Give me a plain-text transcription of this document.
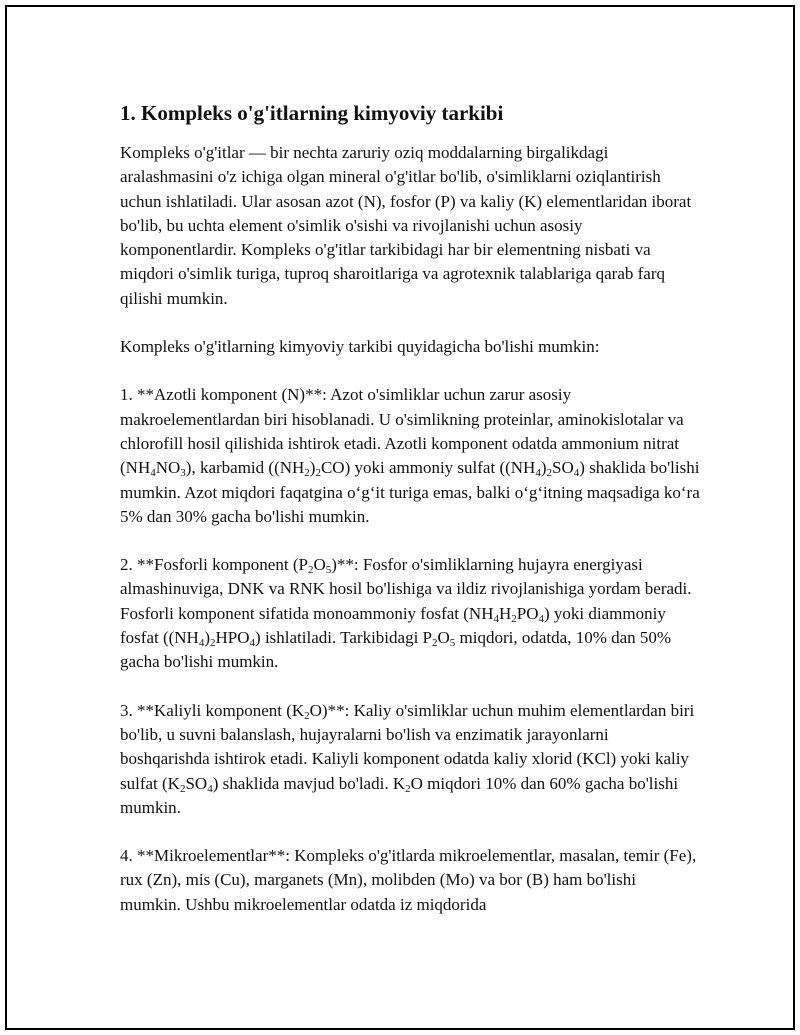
1. Kompleks o'g'itlarning kimyoviy tarkibi

Kompleks o'g'itlar — bir nechta zaruriy oziq moddalarning birgalikdagi aralashmasini o'z ichiga olgan mineral o'g'itlar bo'lib, o'simliklarni oziqlantirish uchun ishlatiladi. Ular asosan azot (N), fosfor (P) va kaliy (K) elementlaridan iborat bo'lib, bu uchta element o'simlik o'sishi va rivojlanishi uchun asosiy komponentlardir. Kompleks o'g'itlar tarkibidagi har bir elementning nisbati va miqdori o'simlik turiga, tuproq sharoitlariga va agrotexnik talablariga qarab farq qilishi mumkin.

Kompleks o'g'itlarning kimyoviy tarkibi quyidagicha bo'lishi mumkin:

1. **Azotli komponent (N)**: Azot o'simliklar uchun zarur asosiy makroelementlardan biri hisoblanadi. U o'simlikning proteinlar, aminokislotalar va chlorofill hosil qilishida ishtirok etadi. Azotli komponent odatda ammonium nitrat $(NH_4NO_3)$, karbamid $((NH_2)_2CO)$ yoki ammoniy sulfat $((NH_4)_2SO_4)$ shaklida bo'lishi mumkin. Azot miqdori faqatgina o‘g‘it turiga emas, balki o‘g‘itning maqsadiga ko‘ra 5% dan 30% gacha bo'lishi mumkin.

2. **Fosforli komponent $(P_2O_5)**$: Fosfor o'simliklarning hujayra energiyasi almashinuviga, DNK va RNK hosil bo'lishiga va ildiz rivojlanishiga yordam beradi. Fosforli komponent sifatida monoammoniy fosfat $(NH_4H_2PO_4)$ yoki diammoniy fosfat $((NH_4)_2HPO_4)$ ishlatiladi. Tarkibidagi $P_2O_5$ miqdori, odatda, 10% dan 50% gacha bo'lishi mumkin.

3. **Kaliyli komponent $(K_2O)**$: Kaliy o'simliklar uchun muhim elementlardan biri bo'lib, u suvni balanslash, hujayralarni bo'lish va enzimatik jarayonlarni boshqarishda ishtirok etadi. Kaliyli komponent odatda kaliy xlorid (KCl) yoki kaliy sulfat $(K_2SO_4)$ shaklida mavjud bo'ladi. $K_2O$ miqdori 10% dan 60% gacha bo'lishi mumkin.

4. **Mikroelementlar**: Kompleks o'g'itlarda mikroelementlar, masalan, temir (Fe), rux (Zn), mis (Cu), marganets (Mn), molibden (Mo) va bor (B) ham bo'lishi mumkin. Ushbu mikroelementlar odatda iz miqdorida
